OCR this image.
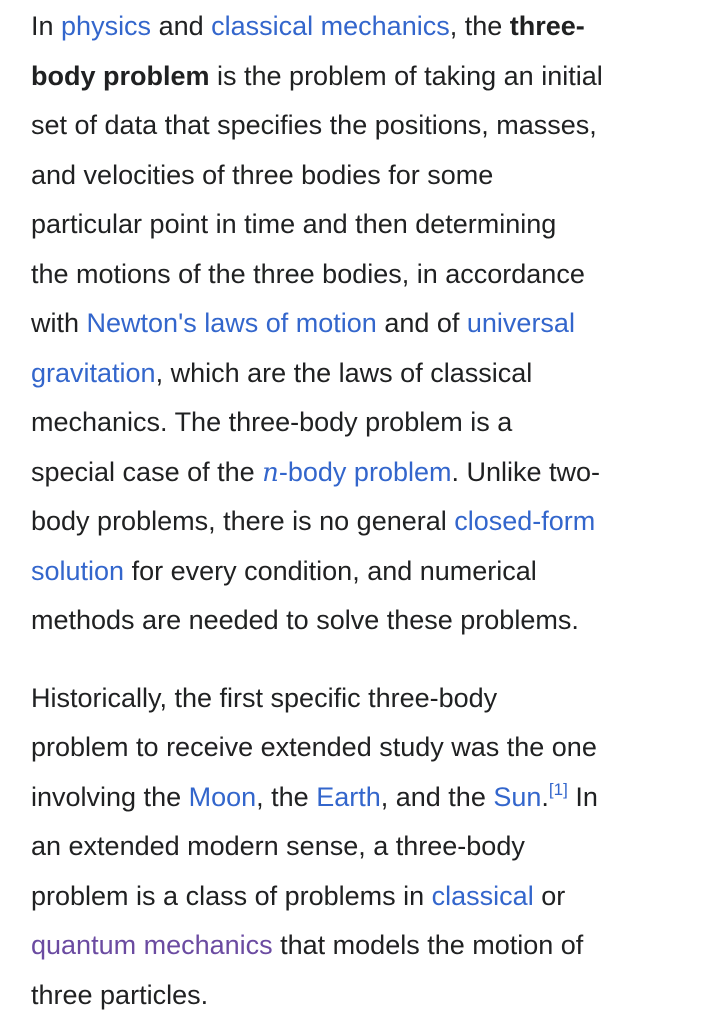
In physics and classical mechanics, the three-
body problem is the problem of taking an initial
set of data that specifies the positions, masses,
and velocities of three bodies for some
particular point in time and then determining
the motions of the three bodies, in accordance
with Newton's laws of motion and of universal
gravitation, which are the laws of classical
mechanics. The three-body problem is a
special case of the n-body problem. Unlike two-
body problems, there is no general closed-form
solution for every condition, and numerical
methods are needed to solve these problems.
Historically, the first specific three-body
problem to receive extended study was the one
involving the Moon, the Earth, and the Sun.[1] In
an extended modern sense, a three-body
problem is a class of problems in classical or
quantum mechanics that models the motion of
three particles.
